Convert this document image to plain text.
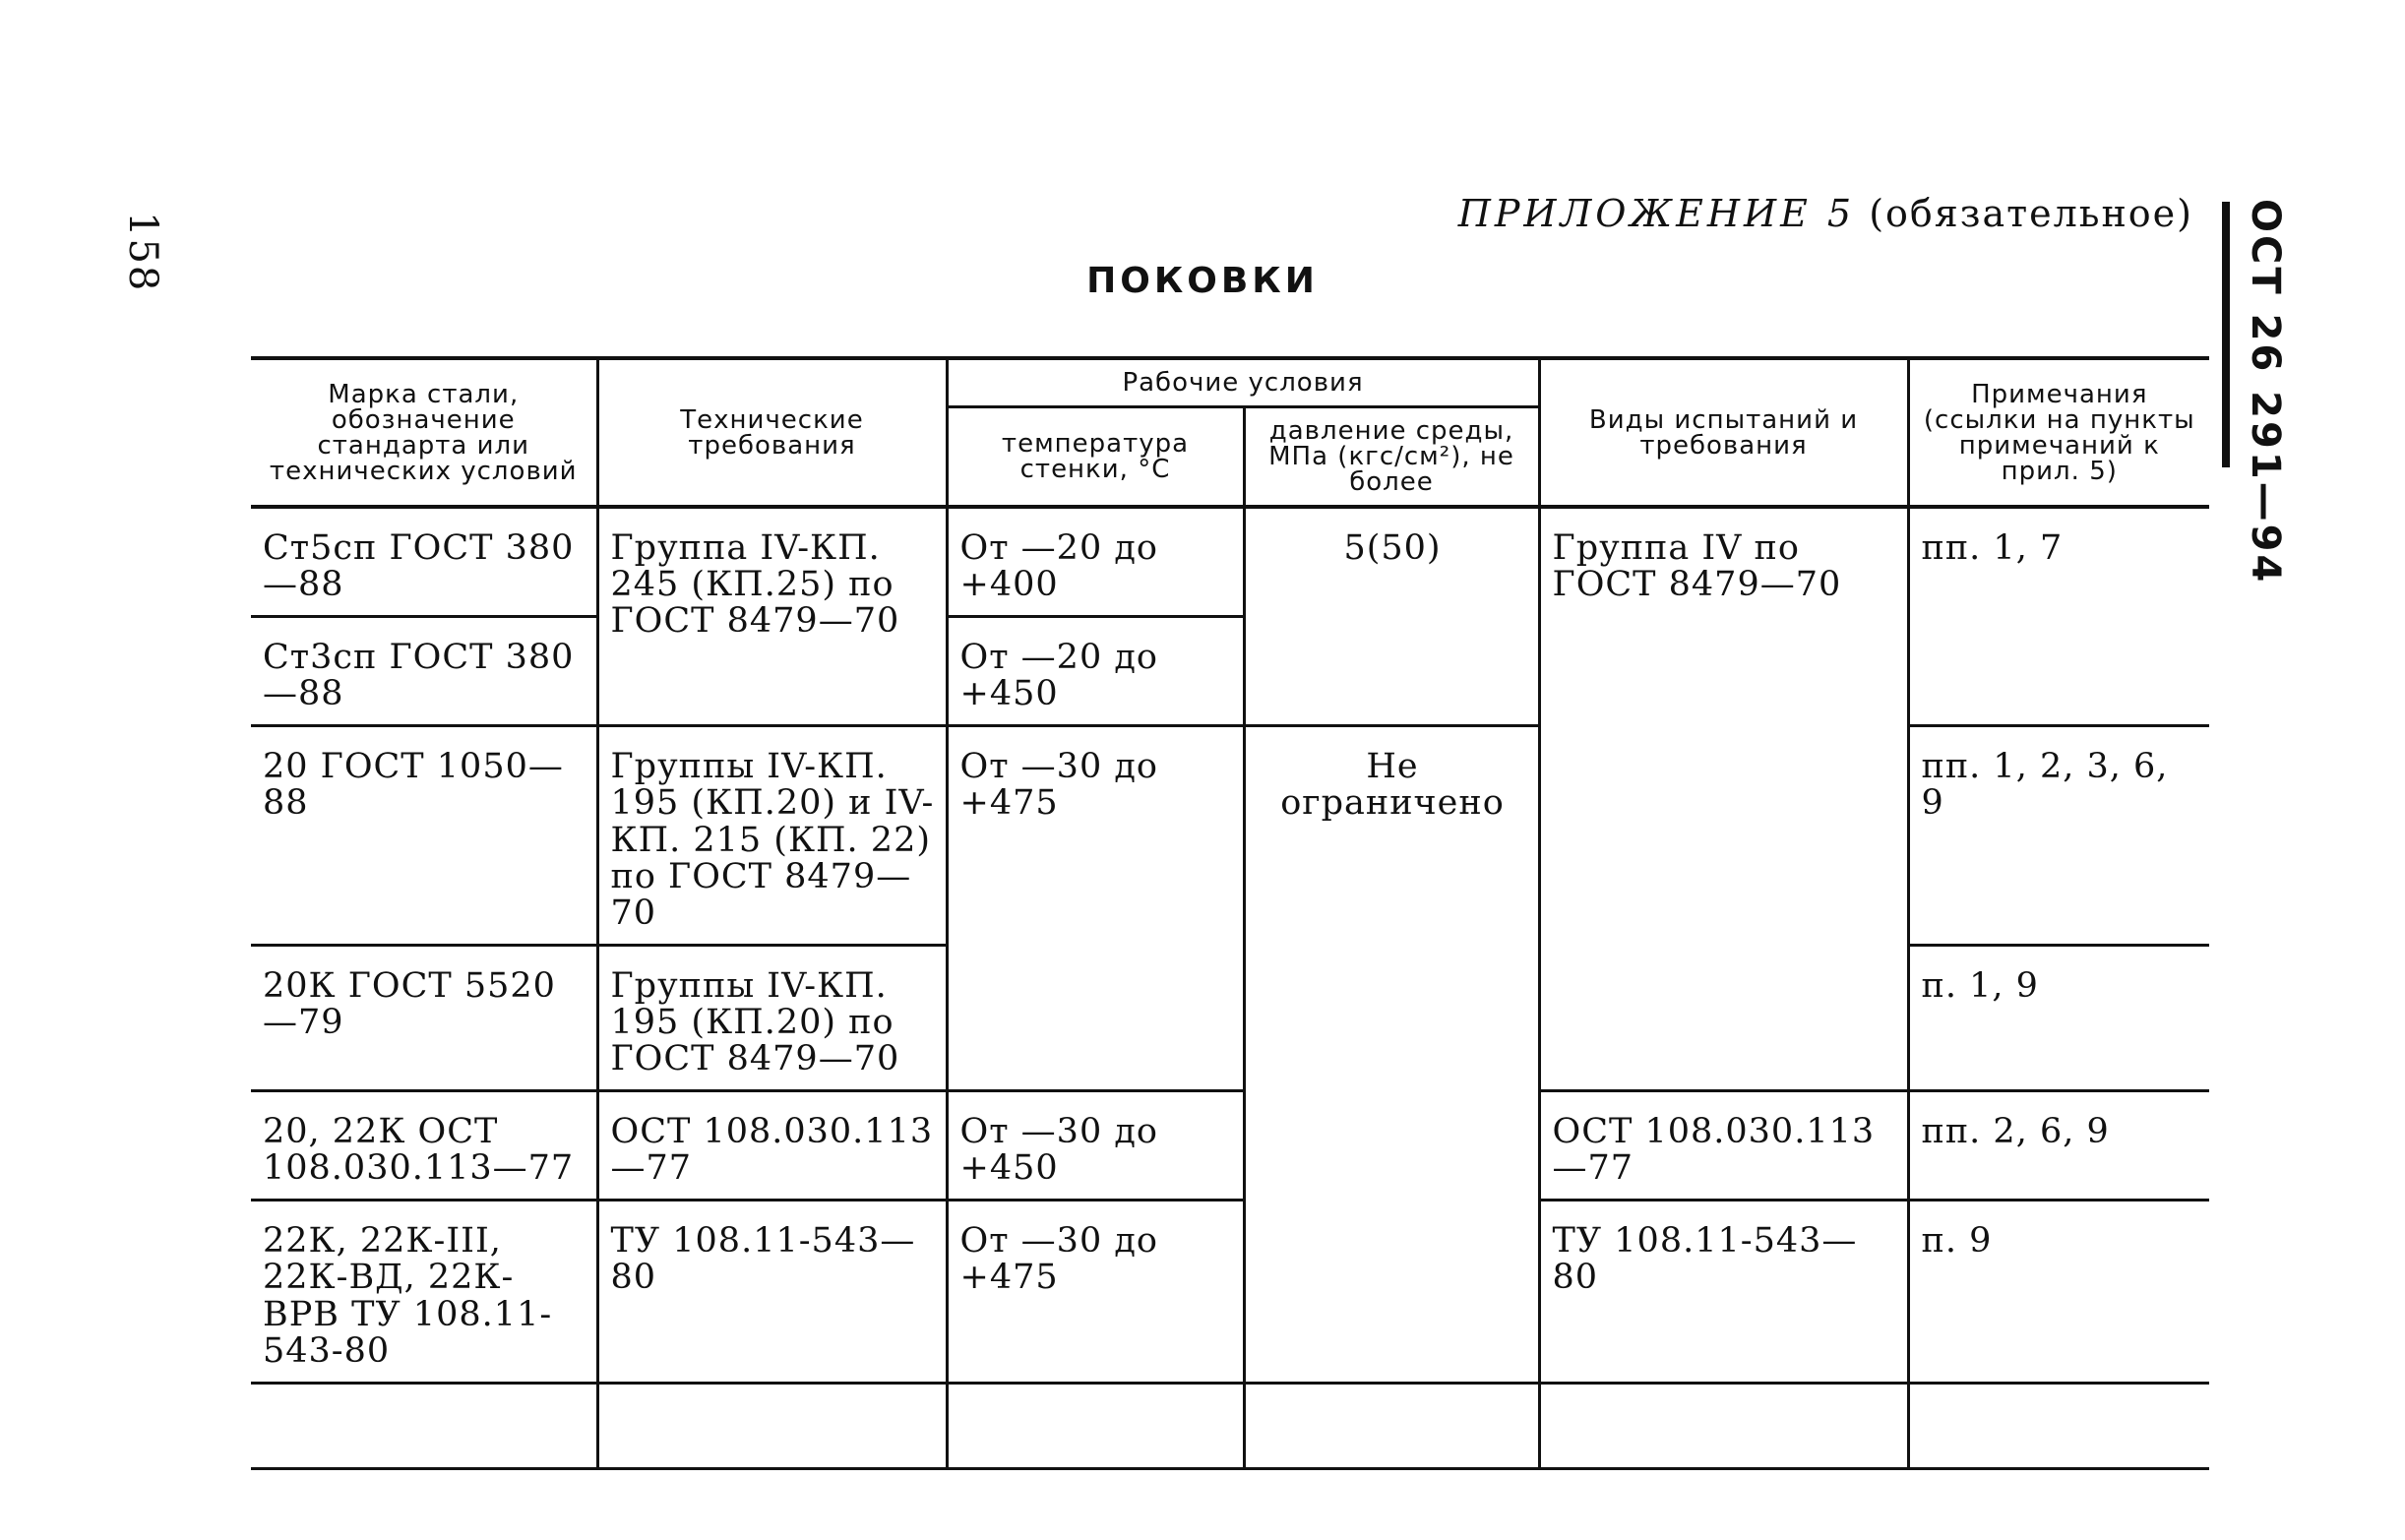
158	ОСТ 26 291—94
ПРИЛОЖЕНИЕ 5 (обязательное)
ПОКОВКИ
Марка стали, обозначение стандарта или технических условий	Технические требования	Рабочие условия		Виды испытаний и требования	Примечания (ссылки на пункты примечаний к прил. 5)
		температура стенки, °С	давление среды, МПа (кгс/см²), не более		
Ст5сп ГОСТ 380—88	Группа IV-КП. 245 (КП.25) по ГОСТ 8479—70	От —20 до +400	5(50)	Группа IV по ГОСТ 8479—70	пп. 1, 7
Ст3сп ГОСТ 380—88		От —20 до +450			
20 ГОСТ 1050—88	Группы IV-КП. 195 (КП.20) и IV-КП. 215 (КП. 22) по ГОСТ 8479—70	От —30 до +475	Не ограничено		пп. 1, 2, 3, 6, 9
20К ГОСТ 5520—79	Группы IV-КП. 195 (КП.20) по ГОСТ 8479—70				п. 1, 9
20, 22К ОСТ 108.030.113—77	ОСТ 108.030.113—77	От —30 до +450		ОСТ 108.030.113—77	пп. 2, 6, 9
22К, 22К-III, 22К-ВД, 22К-ВРВ ТУ 108.11-543-80	ТУ 108.11-543—80	От —30 до +475		ТУ 108.11-543—80	п. 9
